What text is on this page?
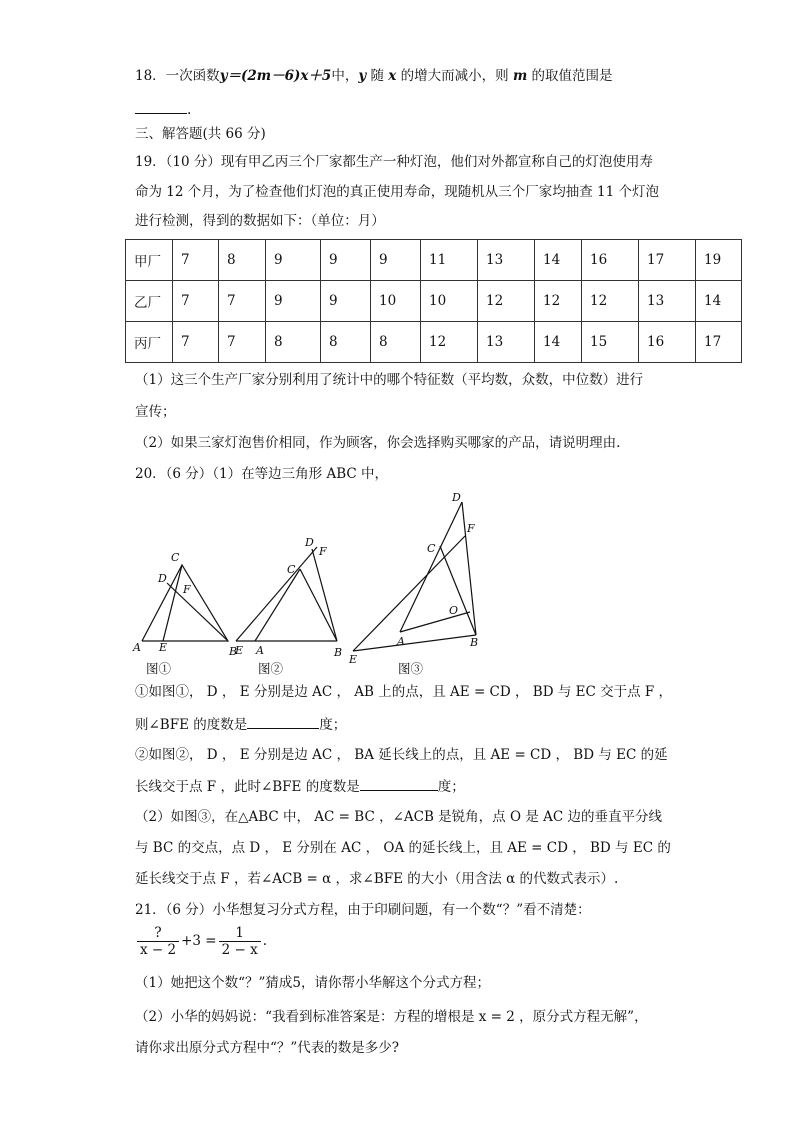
18．一次函数y＝(2m－6)x＋5中，y 随 x 的增大而减小，则 m 的取值范围是
.
三、解答题(共 66 分)
19．（10 分）现有甲乙丙三个厂家都生产一种灯泡，他们对外都宣称自己的灯泡使用寿
命为 12 个月，为了检查他们灯泡的真正使用寿命，现随机从三个厂家均抽查 11 个灯泡
进行检测，得到的数据如下：（单位：月）
甲厂	7	8	9	9	9	11	13	14	16	17	19
乙厂	7	7	9	9	10	10	12	12	12	13	14
丙厂	7	7	8	8	8	12	13	14	15	16	17
（1）这三个生产厂家分别利用了统计中的哪个特征数（平均数，众数，中位数）进行
宣传；
（2）如果三家灯泡售价相同，作为顾客，你会选择购买哪家的产品，请说明理由.
20．（6 分）（1）在等边三角形 ABC 中，
A E	B
C
D
F
E A	B
C
D
F
E
A	B
C
D
F
O
图①	图②	图③
①如图①， D ， E 分别是边 AC ， AB 上的点，且 AE = CD ， BD 与 EC 交于点 F ，
则∠BFE 的度数是	度；
②如图②， D ， E 分别是边 AC ， BA 延长线上的点，且 AE = CD ， BD 与 EC 的延
长线交于点 F ，此时∠BFE 的度数是	度；
（2）如图③，在△ABC 中， AC = BC ，∠ACB 是锐角，点 O 是 AC 边的垂直平分线
与 BC 的交点，点 D ， E 分别在 AC ， OA 的延长线上，且 AE = CD ， BD 与 EC 的
延长线交于点 F ，若∠ACB = α ，求∠BFE 的大小（用含法 α 的代数式表示）.
21．（6 分）小华想复习分式方程，由于印刷问题，有一个数“？”看不清楚：
$\frac{?}{x - 2} +3 = \frac{1}{2 - x}$ .
（1）她把这个数“？”猜成5，请你帮小华解这个分式方程；
（2）小华的妈妈说：“我看到标准答案是：方程的增根是 x = 2 ，原分式方程无解”，
请你求出原分式方程中“？”代表的数是多少?
